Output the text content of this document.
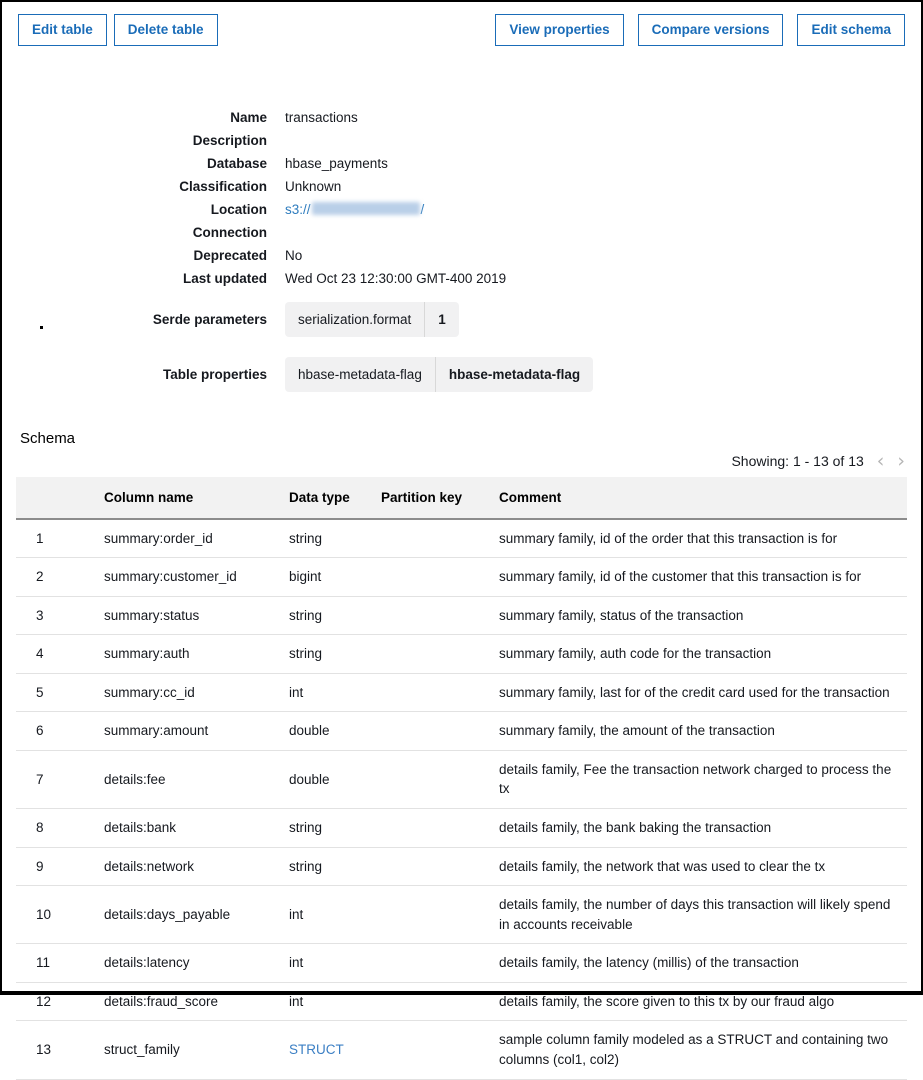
Edit table	Delete table	View properties	Compare versions	Edit schema
Name transactions
Description
Database hbase_payments
Classification Unknown
Location s3://	/
Connection
Deprecated No
Last updated Wed Oct 23 12:30:00 GMT-400 2019
Serde parameters	serialization.format	1
Table properties	hbase-metadata-flag	hbase-metadata-flag
Schema
Showing: 1 - 13 of 13 ‹ ›
	Column name	Data type	Partition key	Comment
1	summary:order_id	string		summary family, id of the order that this transaction is for
2	summary:customer_id	bigint		summary family, id of the customer that this transaction is for
3	summary:status	string		summary family, status of the transaction
4	summary:auth	string		summary family, auth code for the transaction
5	summary:cc_id	int		summary family, last for of the credit card used for the transaction
6	summary:amount	double		summary family, the amount of the transaction
7	details:fee	double		details family, Fee the transaction network charged to process the tx
8	details:bank	string		details family, the bank baking the transaction
9	details:network	string		details family, the network that was used to clear the tx
10	details:days_payable	int		details family, the number of days this transaction will likely spend in accounts receivable
11	details:latency	int		details family, the latency (millis) of the transaction
12	details:fraud_score	int		details family, the score given to this tx by our fraud algo
13	struct_family	STRUCT		sample column family modeled as a STRUCT and containing two columns (col1, col2)
